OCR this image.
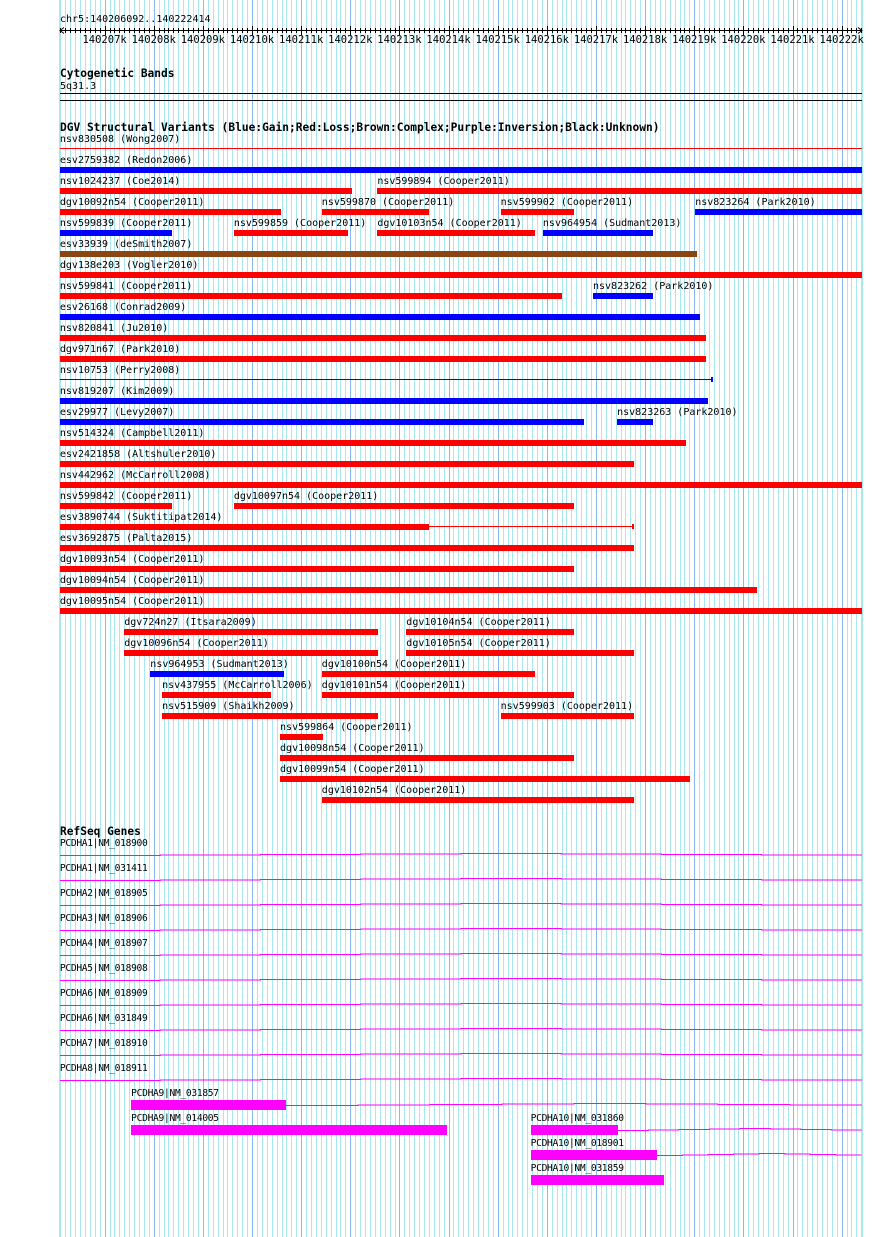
chr5:140206092..140222414
140207k 140208k 140209k 140210k 140211k 140212k 140213k 140214k 140215k 140216k 140217k 140218k 140219k 140220k 140221k 140222k
Cytogenetic Bands
5q31.3
DGV Structural Variants (Blue:Gain;Red:Loss;Brown:Complex;Purple:Inversion;Black:Unknown)
nsv830508 (Wong2007)
esv2759382 (Redon2006)
nsv1024237 (Coe2014)	nsv599894 (Cooper2011)
dgv10092n54 (Cooper2011)	nsv599870 (Cooper2011)	nsv599902 (Cooper2011)	nsv823264 (Park2010)
nsv599839 (Cooper2011)	nsv599859 (Cooper2011) dgv10103n54 (Cooper2011) nsv964954 (Sudmant2013)
esv33939 (deSmith2007)
dgv138e203 (Vogler2010)
nsv599841 (Cooper2011)	nsv823262 (Park2010)
esv26168 (Conrad2009)
nsv820841 (Ju2010)
dgv971n67 (Park2010)
nsv10753 (Perry2008)
nsv819207 (Kim2009)
esv29977 (Levy2007)	nsv823263 (Park2010)
nsv514324 (Campbell2011)
esv2421858 (Altshuler2010)
nsv442962 (McCarroll2008)
nsv599842 (Cooper2011)	dgv10097n54 (Cooper2011)
esv3890744 (Suktitipat2014)
esv3692875 (Palta2015)
dgv10093n54 (Cooper2011)
dgv10094n54 (Cooper2011)
dgv10095n54 (Cooper2011)
dgv724n27 (Itsara2009)	dgv10104n54 (Cooper2011)
dgv10096n54 (Cooper2011)	dgv10105n54 (Cooper2011)
nsv964953 (Sudmant2013)	dgv10100n54 (Cooper2011)
nsv437955 (McCarroll2006) dgv10101n54 (Cooper2011)
nsv515909 (Shaikh2009)	nsv599903 (Cooper2011)
nsv599864 (Cooper2011)
dgv10098n54 (Cooper2011)
dgv10099n54 (Cooper2011)
dgv10102n54 (Cooper2011)
RefSeq Genes
PCDHA1|NM_018900
PCDHA1|NM_031411
PCDHA2|NM_018905
PCDHA3|NM_018906
PCDHA4|NM_018907
PCDHA5|NM_018908
PCDHA6|NM_018909
PCDHA6|NM_031849
PCDHA7|NM_018910
PCDHA8|NM_018911
PCDHA9|NM_031857
PCDHA9|NM_014005	PCDHA10|NM_031860
PCDHA10|NM_018901
PCDHA10|NM_031859
